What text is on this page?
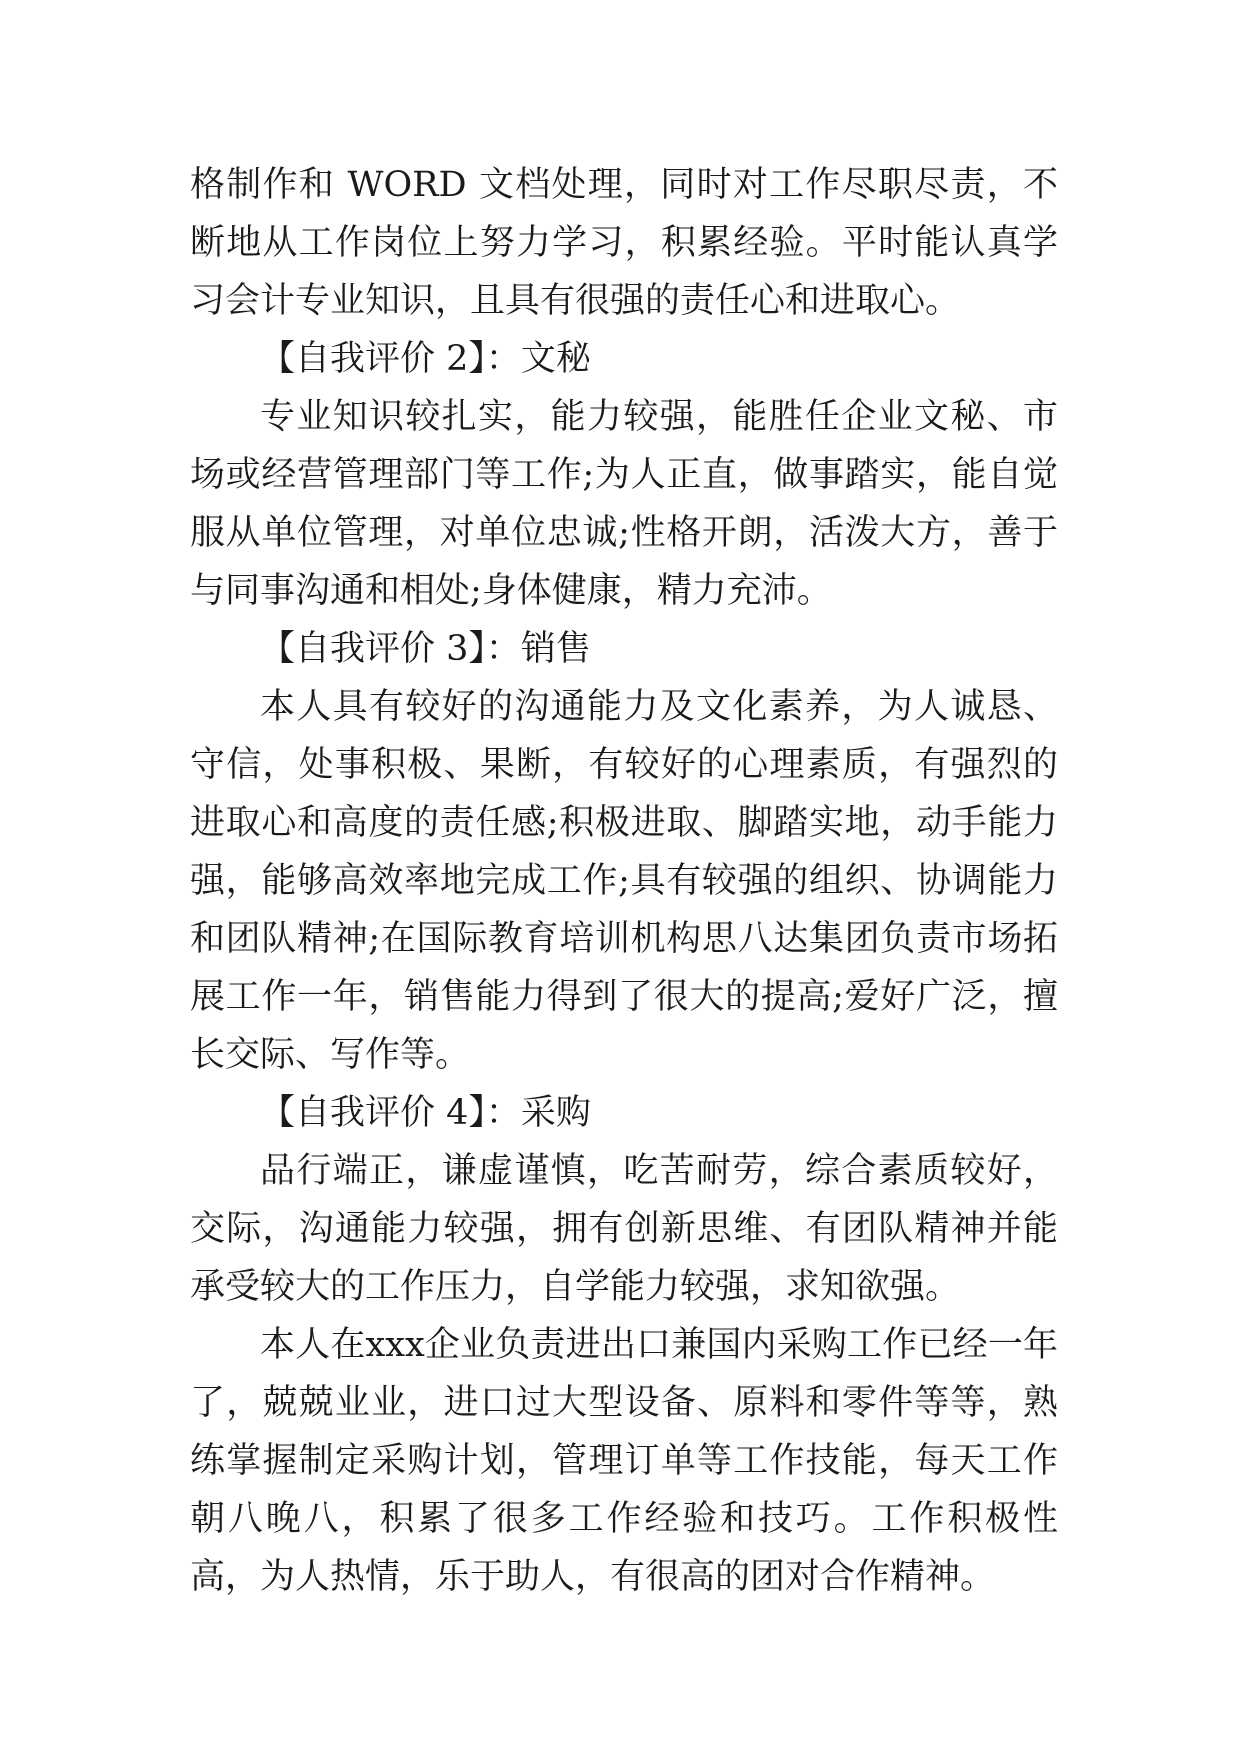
格制作和 WORD 文档处理，同时对工作尽职尽责，不断地从工作岗位上努力学习，积累经验。平时能认真学习会计专业知识，且具有很强的责任心和进取心。

【自我评价 2】：文秘

专业知识较扎实，能力较强，能胜任企业文秘、市场或经营管理部门等工作;为人正直，做事踏实，能自觉服从单位管理，对单位忠诚;性格开朗，活泼大方，善于与同事沟通和相处;身体健康，精力充沛。

【自我评价 3】：销售

本人具有较好的沟通能力及文化素养，为人诚恳、守信，处事积极、果断，有较好的心理素质，有强烈的进取心和高度的责任感;积极进取、脚踏实地，动手能力强，能够高效率地完成工作;具有较强的组织、协调能力和团队精神;在国际教育培训机构思八达集团负责市场拓展工作一年，销售能力得到了很大的提高;爱好广泛，擅长交际、写作等。

【自我评价 4】：采购

品行端正，谦虚谨慎，吃苦耐劳，综合素质较好，交际，沟通能力较强，拥有创新思维、有团队精神并能承受较大的工作压力，自学能力较强，求知欲强。

本人在xxx企业负责进出口兼国内采购工作已经一年了，兢兢业业，进口过大型设备、原料和零件等等，熟练掌握制定采购计划，管理订单等工作技能，每天工作朝八晚八，积累了很多工作经验和技巧。工作积极性高，为人热情，乐于助人，有很高的团对合作精神。
